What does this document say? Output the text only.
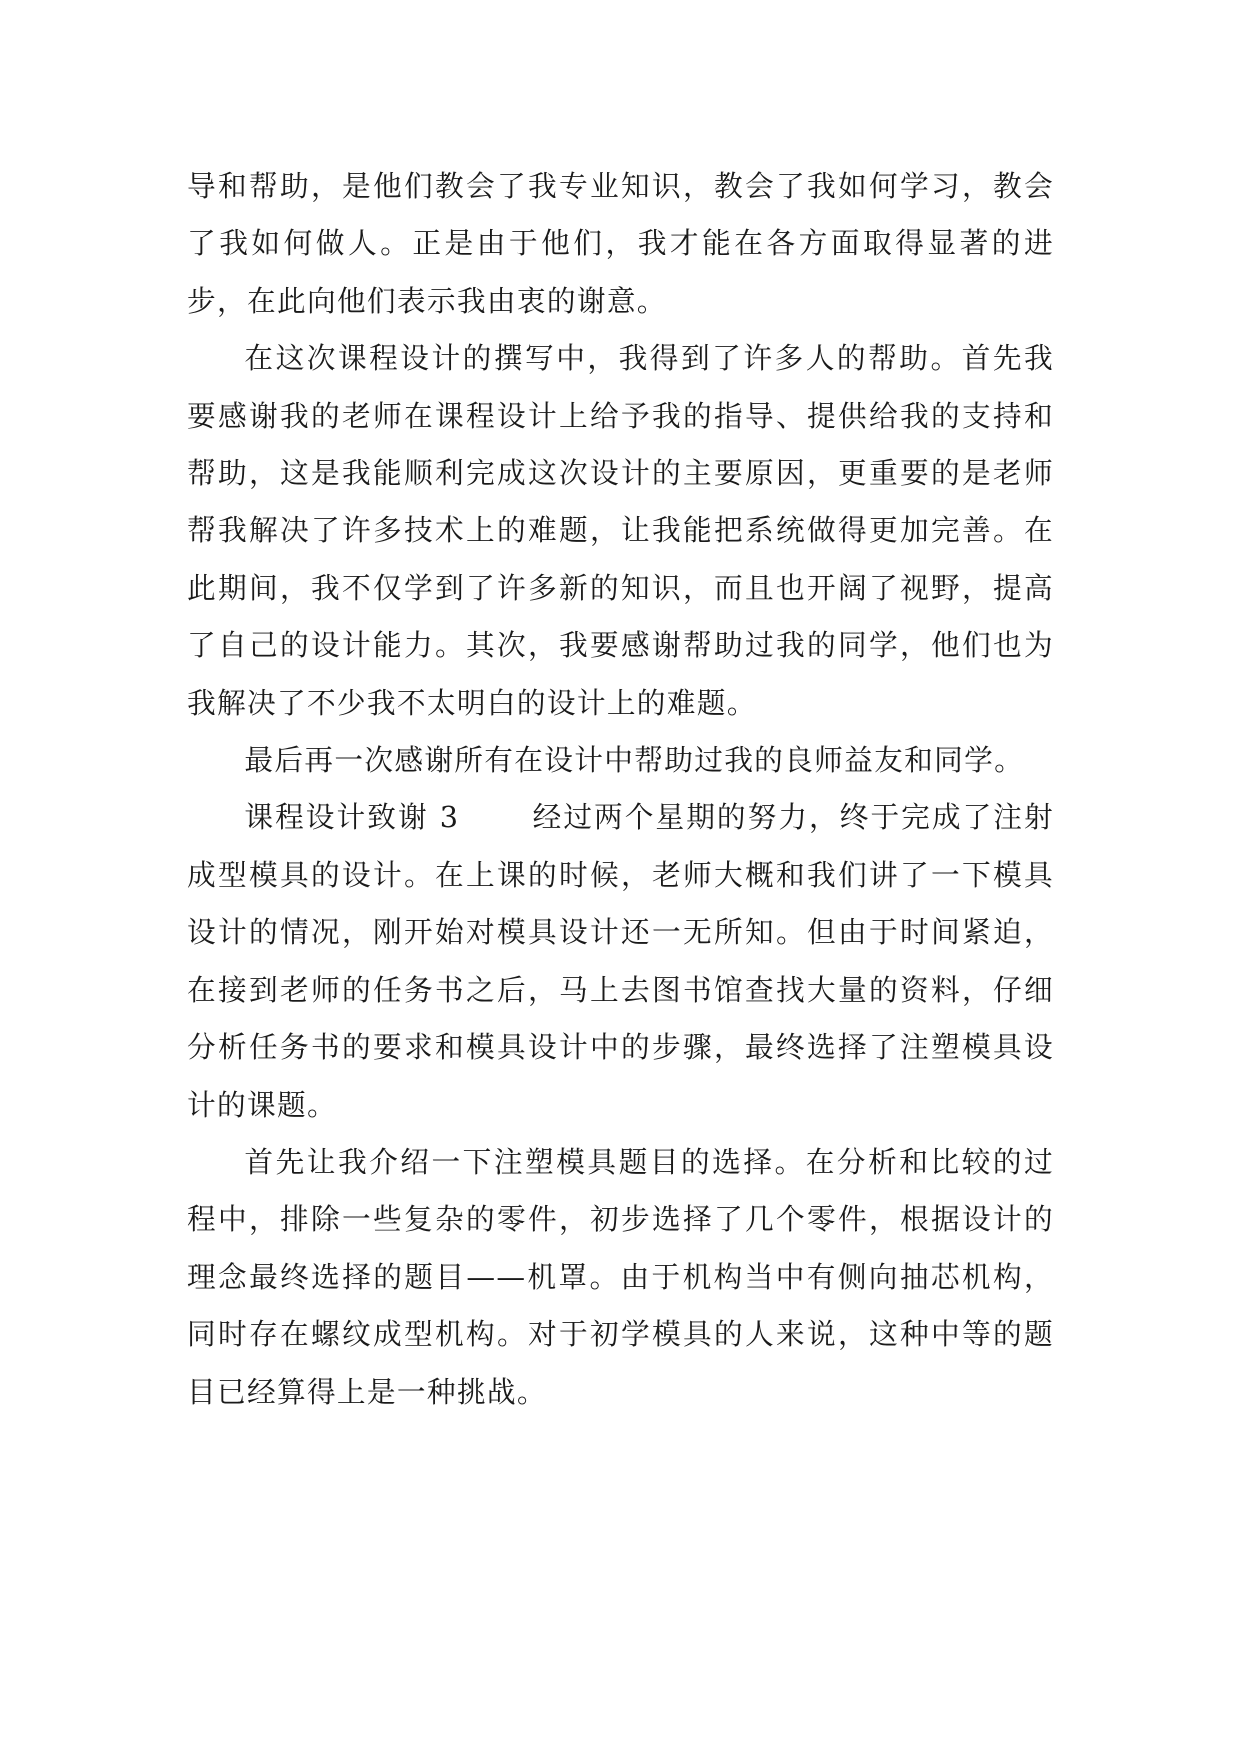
导和帮助，是他们教会了我专业知识，教会了我如何学习，教会了我如何做人。正是由于他们，我才能在各方面取得显著的进步，在此向他们表示我由衷的谢意。

在这次课程设计的撰写中，我得到了许多人的帮助。首先我要感谢我的老师在课程设计上给予我的指导、提供给我的支持和帮助，这是我能顺利完成这次设计的主要原因，更重要的是老师帮我解决了许多技术上的难题，让我能把系统做得更加完善。在此期间，我不仅学到了许多新的知识，而且也开阔了视野，提高了自己的设计能力。其次，我要感谢帮助过我的同学，他们也为我解决了不少我不太明白的设计上的难题。

最后再一次感谢所有在设计中帮助过我的良师益友和同学。

课程设计致谢 3　　 经过两个星期的努力，终于完成了注射成型模具的设计。在上课的时候，老师大概和我们讲了一下模具设计的情况，刚开始对模具设计还一无所知。但由于时间紧迫，在接到老师的任务书之后，马上去图书馆查找大量的资料，仔细分析任务书的要求和模具设计中的步骤，最终选择了注塑模具设计的课题。

首先让我介绍一下注塑模具题目的选择。在分析和比较的过程中，排除一些复杂的零件，初步选择了几个零件，根据设计的理念最终选择的题目——机罩。由于机构当中有侧向抽芯机构，同时存在螺纹成型机构。对于初学模具的人来说，这种中等的题目已经算得上是一种挑战。
